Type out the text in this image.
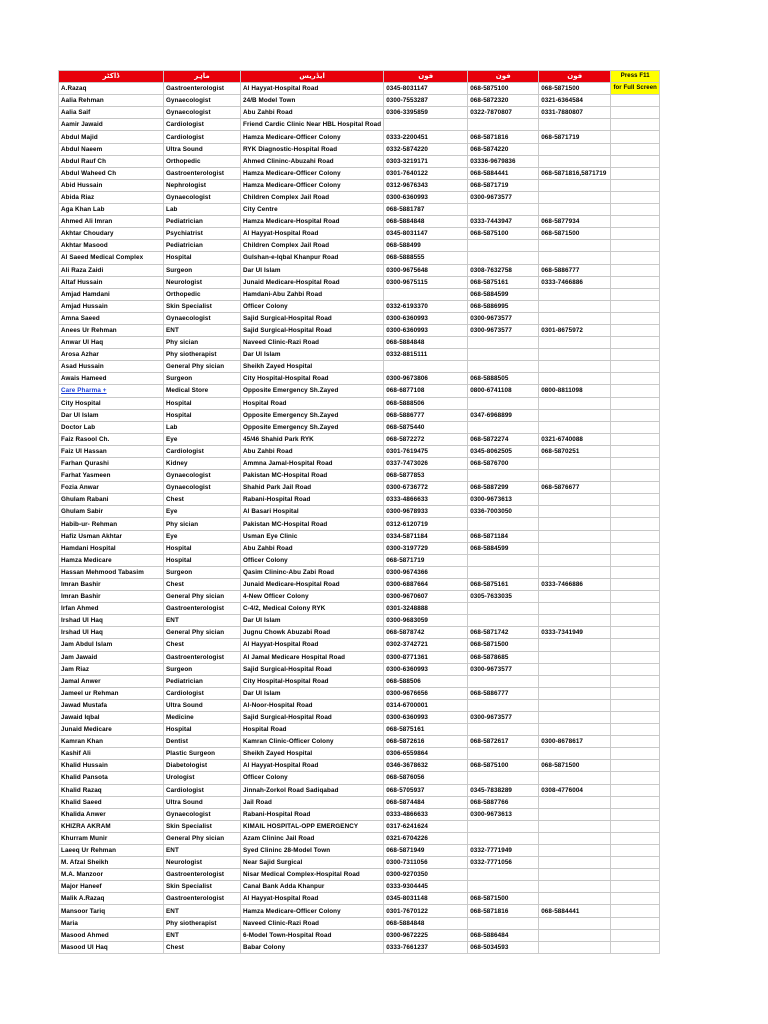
ڈاکٹر	ماہر	ایڈریس	فون	فون	فون	Press F11
A.Razaq	Gastroenterologist	Al Hayyat-Hospital Road	0345-8031147	068-5875100	068-5871500	for Full Screen
Aalia Rehman	Gynaecologist	24/B Model Town	0300-7553287	068-5872320	0321-6364584	
Aalia Saif	Gynaecologist	Abu Zahbi Road	0306-3395859	0322-7870807	0331-7880807	
Aamir Jawaid	Cardiologist	Friend Cardic Clinic Near HBL Hospital Road				
Abdul Majid	Cardiologist	Hamza Medicare-Officer Colony	0333-2200451	068-5871816	068-5871719	
Abdul Naeem	Ultra Sound	RYK Diagnostic-Hospital Road	0332-5874220	068-5874220		
Abdul Rauf Ch	Orthopedic	Ahmed Clininc-Abuzahi Road	0303-3219171	03336-9679836		
Abdul Waheed Ch	Gastroenterologist	Hamza Medicare-Officer Colony	0301-7640122	068-5884441	068-5871816,5871719	
Abid Hussain	Nephrologist	Hamza Medicare-Officer Colony	0312-9676343	068-5871719		
Abida Riaz	Gynaecologist	Children Complex Jail Road	0300-6360993	0300-9673577		
Aga Khan Lab	Lab	City Centre	068-5881787			
Ahmed Ali Imran	Pediatrician	Hamza Medicare-Hospital Road	068-5884848	0333-7443947	068-5877934	
Akhtar Choudary	Psychiatrist	Al Hayyat-Hospital Road	0345-8031147	068-5875100	068-5871500	
Akhtar Masood	Pediatrician	Children Complex Jail Road	068-588499			
Al Saeed Medical Complex	Hospital	Gulshan-e-Iqbal Khanpur Road	068-5888555			
Ali Raza Zaidi	Surgeon	Dar Ul Islam	0300-9675648	0308-7632758	068-5886777	
Altaf Hussain	Neurologist	Junaid Medicare-Hospital Road	0300-9675115	068-5875161	0333-7466886	
Amjad Hamdani	Orthopedic	Hamdani-Abu Zahbi Road		068-5884599		
Amjad Hussain	Skin Specialist	Officer Colony	0332-6193370	068-5886995		
Amna Saeed	Gynaecologist	Sajid Surgical-Hospital Road	0300-6360993	0300-9673577		
Anees Ur Rehman	ENT	Sajid Surgical-Hospital Road	0300-6360993	0300-9673577	0301-8675972	
Anwar Ul Haq	Phy sician	Naveed Clinic-Razi Road	068-5884848			
Arosa Azhar	Phy siotherapist	Dar Ul Islam	0332-8815111			
Asad Hussain	General Phy sician	Sheikh Zayed Hospital				
Awais Hameed	Surgeon	City Hospital-Hospital Road	0300-9673806	068-5888505		
Care Pharma +	Medical Store	Opposite Emergency Sh.Zayed	068-6877108	0800-6741108	0800-8811098	
City Hospital	Hospital	Hospital Road	068-5888506			
Dar Ul Islam	Hospital	Opposite Emergency Sh.Zayed	068-5886777	0347-6968899		
Doctor Lab	Lab	Opposite Emergency Sh.Zayed	068-5875440			
Faiz Rasool Ch.	Eye	45/46 Shahid Park RYK	068-5872272	068-5872274	0321-6740088	
Faiz Ul Hassan	Cardiologist	Abu Zahbi Road	0301-7619475	0345-8062505	068-5870251	
Farhan Qurashi	Kidney	Ammna Jamal-Hospital Road	0337-7473026	068-5876700		
Farhat Yasmeen	Gynaecologist	Pakistan MC-Hospital Road	068-5877853			
Fozia Anwar	Gynaecologist	Shahid Park Jail Road	0300-6736772	068-5887299	068-5876677	
Ghulam Rabani	Chest	Rabani-Hospital Road	0333-4866633	0300-9673613		
Ghulam Sabir	Eye	Al Basari Hospital	0300-9678933	0336-7003050		
Habib-ur- Rehman	Phy sician	Pakistan MC-Hospital Road	0312-6120719			
Hafiz Usman Akhtar	Eye	Usman Eye Clinic	0334-5871184	068-5871184		
Hamdani Hospital	Hospital	Abu Zahbi Road	0300-3197729	068-5884599		
Hamza Medicare	Hospital	Officer Colony	068-5871719			
Hassan Mehmood Tabasim	Surgeon	Qasim Clininc-Abu Zabi Road	0300-9674366			
Imran Bashir	Chest	Junaid Medicare-Hospital Road	0300-6887664	068-5875161	0333-7466886	
Imran Bashir	General Phy sician	4-New Officer Colony	0300-9670607	0305-7633035		
Irfan Ahmed	Gastroenterologist	C-4/2, Medical Colony RYK	0301-3248888			
Irshad Ul Haq	ENT	Dar Ul Islam	0300-9683059			
Irshad Ul Haq	General Phy sician	Jugnu Chowk Abuzabi Road	068-5878742	068-5871742	0333-7341949	
Jam Abdul Islam	Chest	Al Hayyat-Hospital Road	0302-3742721	068-5871500		
Jam Jawaid	Gastroenterologist	Al Jamal Medicare Hospital Road	0300-8771361	068-5878685		
Jam Riaz	Surgeon	Sajid Surgical-Hospital Road	0300-6360993	0300-9673577		
Jamal Anwer	Pediatrician	City Hospital-Hospital Road	068-588506			
Jameel ur Rehman	Cardiologist	Dar Ul Islam	0300-9676656	068-5886777		
Jawad Mustafa	Ultra Sound	Al-Noor-Hospital Road	0314-6700001			
Jawaid Iqbal	Medicine	Sajid Surgical-Hospital Road	0300-6360993	0300-9673577		
Junaid Medicare	Hospital	Hospital Road	068-5875161			
Kamran Khan	Dentist	Kamran Clinic-Officer Colony	068-5872616	068-5872617	0300-8678617	
Kashif Ali	Plastic Surgeon	Sheikh Zayed Hospital	0306-6559864			
Khalid Hussain	Diabetologist	Al Hayyat-Hospital Road	0346-3678632	068-5875100	068-5871500	
Khalid Pansota	Urologist	Officer Colony	068-5876056			
Khalid Razaq	Cardiologist	Jinnah-Zorkol Road Sadiqabad	068-5705937	0345-7838289	0308-4776004	
Khalid Saeed	Ultra Sound	Jail Road	068-5874484	068-5887766		
Khalida Anwer	Gynaecologist	Rabani-Hospital Road	0333-4866633	0300-9673613		
KHIZRA AKRAM	Skin Specialist	KIMAIL HOSPITAL-OPP EMERGENCY	0317-6241624			
Khurram Munir	General Phy sician	Azam Clininc Jail Road	0321-6704226			
Laeeq Ur Rehman	ENT	Syed Clininc 28-Model Town	068-5871949	0332-7771949		
M. Afzal Sheikh	Neurologist	Near Sajid Surgical	0300-7311056	0332-7771056		
M.A. Manzoor	Gastroenterologist	Nisar Medical Complex-Hospital Road	0300-9270350			
Major Haneef	Skin Specialist	Canal Bank Adda Khanpur	0333-9304445			
Malik A.Razaq	Gastroenterologist	Al Hayyat-Hospital Road	0345-8031148	068-5871500		
Mansoor Tariq	ENT	Hamza Medicare-Officer Colony	0301-7670122	068-5871816	068-5884441	
Maria	Phy siotherapist	Naveed Clinic-Razi Road	068-5884848			
Masood Ahmed	ENT	6-Model Town-Hospital Road	0300-9672225	068-5886484		
Masood Ul Haq	Chest	Babar Colony	0333-7661237	068-5034593		
